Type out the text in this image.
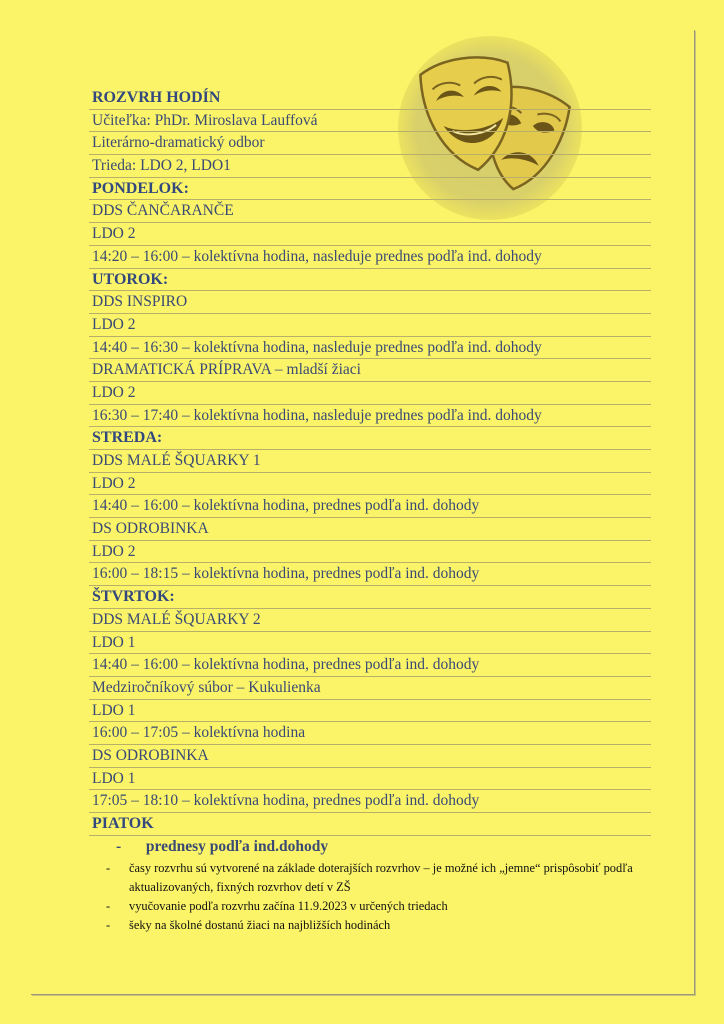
ROZVRH HODÍN
Učiteľka: PhDr. Miroslava Lauffová
Literárno-dramatický odbor
Trieda: LDO 2, LDO1
PONDELOK:
DDS ČANČARANČE
LDO 2
14:20 – 16:00 – kolektívna hodina, nasleduje prednes podľa ind. dohody
UTOROK:
DDS INSPIRO
LDO 2
14:40 – 16:30 – kolektívna hodina, nasleduje prednes podľa ind. dohody
DRAMATICKÁ PRÍPRAVA – mladší žiaci
LDO 2
16:30 – 17:40 – kolektívna hodina, nasleduje prednes podľa ind. dohody
STREDA:
DDS MALÉ ŠQUARKY 1
LDO 2
14:40 – 16:00 – kolektívna hodina, prednes podľa ind. dohody
DS ODROBINKA
LDO 2
16:00 – 18:15 – kolektívna hodina, prednes podľa ind. dohody
ŠTVRTOK:
DDS MALÉ ŠQUARKY 2
LDO 1
14:40 – 16:00 – kolektívna hodina, prednes podľa ind. dohody
Medziročníkový súbor – Kukulienka
LDO 1
16:00 – 17:05 – kolektívna hodina
DS ODROBINKA
LDO 1
17:05 – 18:10 – kolektívna hodina, prednes podľa ind. dohody
PIATOK
- prednesy podľa ind.dohody
- časy rozvrhu sú vytvorené na základe doterajších rozvrhov – je možné ich „jemne“ prispôsobiť podľa aktualizovaných, fixných rozvrhov detí v ZŠ
- vyučovanie podľa rozvrhu začína 11.9.2023 v určených triedach
- šeky na školné dostanú žiaci na najbližších hodinách
